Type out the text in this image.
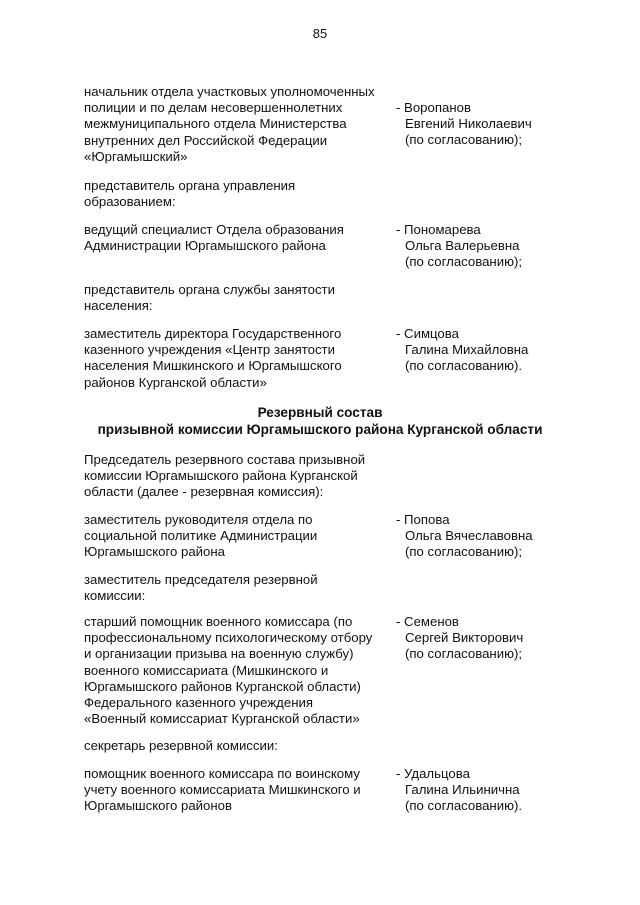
85
начальник отдела участковых уполномоченных
полиции и по делам несовершеннолетних
межмуниципального отдела Министерства
внутренних дел Российской Федерации
«Юргамышский»
- Воропанов
Евгений Николаевич
(по согласованию);
представитель органа управления
образованием:
ведущий специалист Отдела образования
Администрации Юргамышского района
- Пономарева
Ольга Валерьевна
(по согласованию);
представитель органа службы занятости
населения:
заместитель директора Государственного
казенного учреждения «Центр занятости
населения Мишкинского и Юргамышского
районов Курганской области»
- Симцова
Галина Михайловна
(по согласованию).
Резервный состав
призывной комиссии Юргамышского района Курганской области
Председатель резервного состава призывной
комиссии Юргамышского района Курганской
области (далее - резервная комиссия):
заместитель руководителя отдела по
социальной политике Администрации
Юргамышского района
- Попова
Ольга Вячеславовна
(по согласованию);
заместитель председателя резервной
комиссии:
старший помощник военного комиссара (по
профессиональному психологическому отбору
и организации призыва на военную службу)
военного комиссариата (Мишкинского и
Юргамышского районов Курганской области)
Федерального казенного учреждения
«Военный комиссариат Курганской области»
- Семенов
Сергей Викторович
(по согласованию);
секретарь резервной комиссии:
помощник военного комиссара по воинскому
учету военного комиссариата Мишкинского и
Юргамышского районов
- Удальцова
Галина Ильинична
(по согласованию).
